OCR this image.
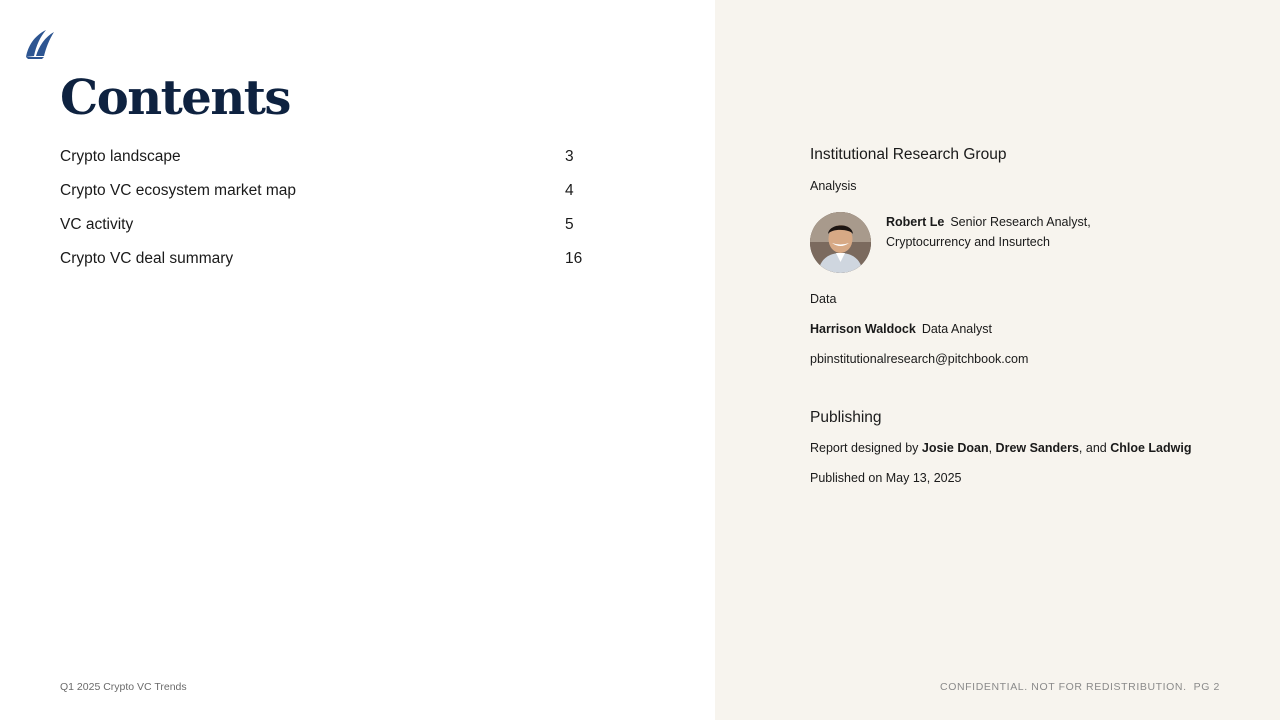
Contents
Crypto landscape	3
Crypto VC ecosystem market map	4
VC activity	5
Crypto VC deal summary	16
Institutional Research Group
Analysis
Robert Le Senior Research Analyst,
Cryptocurrency and Insurtech
Data
Harrison Waldock Data Analyst
pbinstitutionalresearch@pitchbook.com
Publishing
Report designed by Josie Doan, Drew Sanders, and Chloe Ladwig
Published on May 13, 2025
Q1 2025 Crypto VC Trends	CONFIDENTIAL. NOT FOR REDISTRIBUTION.  PG 2
